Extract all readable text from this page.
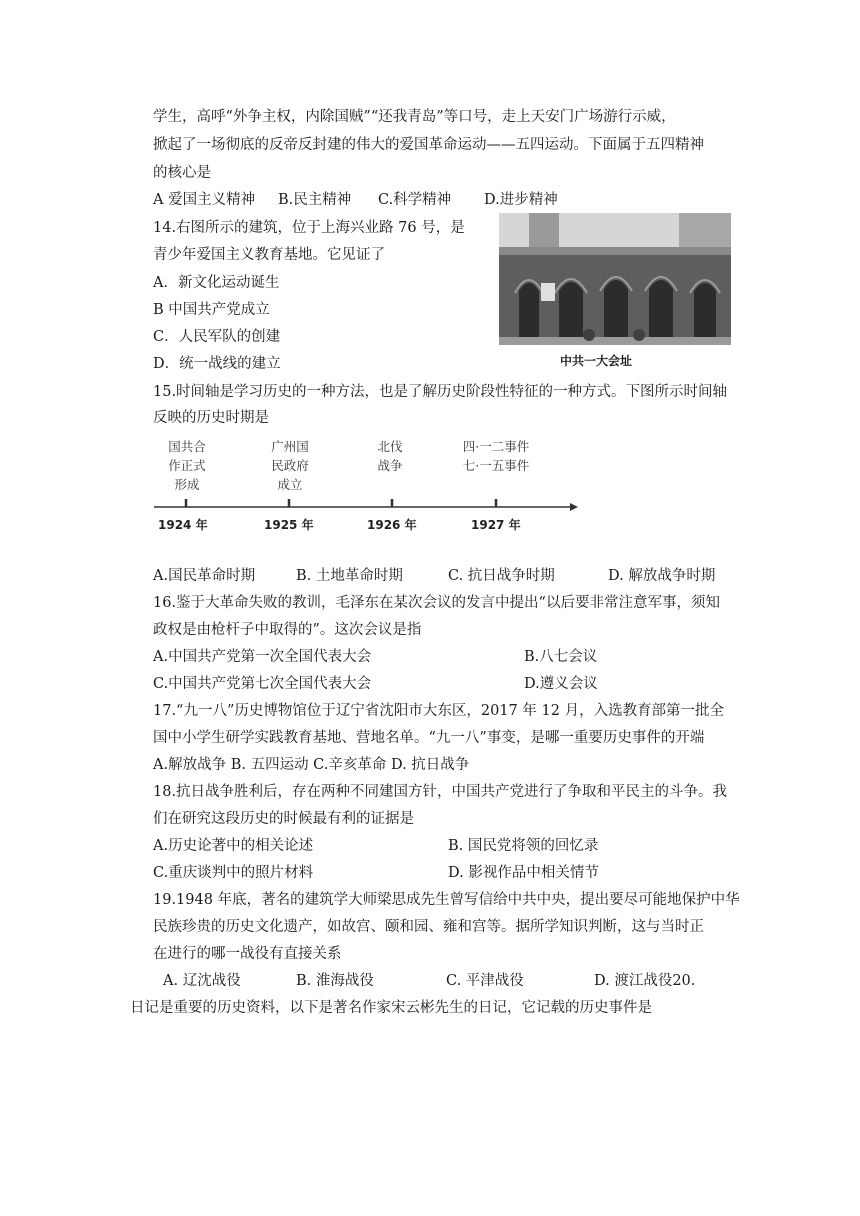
学生，高呼“外争主权，内除国贼”“还我青岛”等口号，走上天安门广场游行示威，
掀起了一场彻底的反帝反封建的伟大的爱国革命运动——五四运动。下面属于五四精神
的核心是
A 爱国主义精神 B.民主精神 C.科学精神 D.进步精神
14.右图所示的建筑，位于上海兴业路 76 号，是
青少年爱国主义教育基地。它见证了
A．新文化运动诞生
B 中国共产党成立
C．人民军队的创建
D．统一战线的建立	中共一大会址
15.时间轴是学习历史的一种方法，也是了解历史阶段性特征的一种方式。下图所示时间轴
反映的历史时期是
国共合
作正式
形成
广州国
民政府
成立
北伐
战争
四·一二事件
七·一五事件
1924 年	1925 年	1926 年	1927 年
A.国民革命时期	B. 土地革命时期	C. 抗日战争时期	D. 解放战争时期
16.鉴于大革命失败的教训，毛泽东在某次会议的发言中提出“以后要非常注意军事，须知
政权是由枪杆子中取得的”。这次会议是指
A.中国共产党第一次全国代表大会	B.八七会议
C.中国共产党第七次全国代表大会	D.遵义会议
17.“九一八”历史博物馆位于辽宁省沈阳市大东区，2017 年 12 月，入选教育部第一批全
国中小学生研学实践教育基地、营地名单。“九一八”事变，是哪一重要历史事件的开端
A.解放战争 B. 五四运动 C.辛亥革命 D. 抗日战争
18.抗日战争胜利后，存在两种不同建国方针，中国共产党进行了争取和平民主的斗争。我
们在研究这段历史的时候最有利的证据是
A.历史论著中的相关论述	B. 国民党将领的回忆录
C.重庆谈判中的照片材料	D. 影视作品中相关情节
19.1948 年底，著名的建筑学大师梁思成先生曾写信给中共中央，提出要尽可能地保护中华
民族珍贵的历史文化遗产，如故宫、颐和园、雍和宫等。据所学知识判断，这与当时正
在进行的哪一战役有直接关系
A. 辽沈战役	B. 淮海战役	C. 平津战役	D. 渡江战役20.
日记是重要的历史资料，以下是著名作家宋云彬先生的日记，它记载的历史事件是
